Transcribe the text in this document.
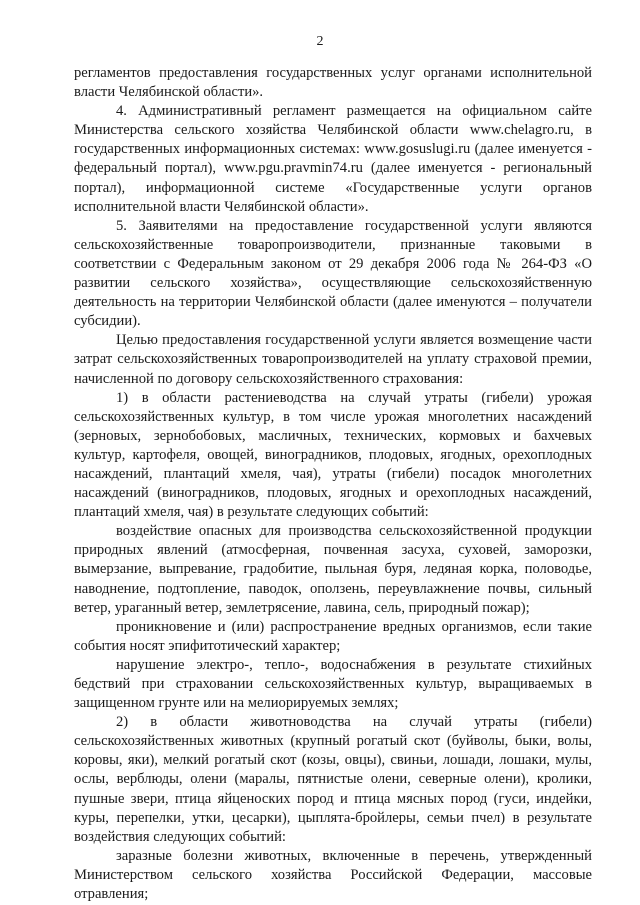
2

регламентов предоставления государственных услуг органами исполнительной власти Челябинской области».

4. Административный регламент размещается на официальном сайте Министерства сельского хозяйства Челябинской области www.chelagro.ru, в государственных информационных системах: www.gosuslugi.ru (далее именуется - федеральный портал), www.pgu.pravmin74.ru (далее именуется - региональный портал), информационной системе «Государственные услуги органов исполнительной власти Челябинской области».

5. Заявителями на предоставление государственной услуги являются сельскохозяйственные товаропроизводители, признанные таковыми в соответствии с Федеральным законом от 29 декабря 2006 года № 264-ФЗ «О развитии сельского хозяйства», осуществляющие сельскохозяйственную деятельность на территории Челябинской области (далее именуются – получатели субсидии).

Целью предоставления государственной услуги является возмещение части затрат сельскохозяйственных товаропроизводителей на уплату страховой премии, начисленной по договору сельскохозяйственного страхования:

1) в области растениеводства на случай утраты (гибели) урожая сельскохозяйственных культур, в том числе урожая многолетних насаждений (зерновых, зернобобовых, масличных, технических, кормовых и бахчевых культур, картофеля, овощей, виноградников, плодовых, ягодных, орехоплодных насаждений, плантаций хмеля, чая), утраты (гибели) посадок многолетних насаждений (виноградников, плодовых, ягодных и орехоплодных насаждений, плантаций хмеля, чая) в результате следующих событий:

воздействие опасных для производства сельскохозяйственной продукции природных явлений (атмосферная, почвенная засуха, суховей, заморозки, вымерзание, выпревание, градобитие, пыльная буря, ледяная корка, половодье, наводнение, подтопление, паводок, оползень, переувлажнение почвы, сильный ветер, ураганный ветер, землетрясение, лавина, сель, природный пожар);

проникновение и (или) распространение вредных организмов, если такие события носят эпифитотический характер;

нарушение электро-, тепло-, водоснабжения в результате стихийных бедствий при страховании сельскохозяйственных культур, выращиваемых в защищенном грунте или на мелиорируемых землях;

2) в области животноводства на случай утраты (гибели) сельскохозяйственных животных (крупный рогатый скот (буйволы, быки, волы, коровы, яки), мелкий рогатый скот (козы, овцы), свиньи, лошади, лошаки, мулы, ослы, верблюды, олени (маралы, пятнистые олени, северные олени), кролики, пушные звери, птица яйценоских пород и птица мясных пород (гуси, индейки, куры, перепелки, утки, цесарки), цыплята-бройлеры, семьи пчел) в результате воздействия следующих событий:

заразные болезни животных, включенные в перечень, утвержденный Министерством сельского хозяйства Российской Федерации, массовые отравления;
